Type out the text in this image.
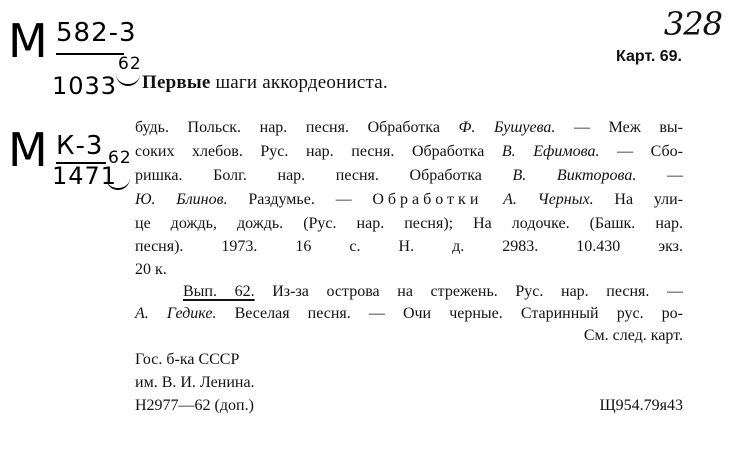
М 582-3
62
1033
М К-3 62
1471
328
Карт. 69.
Первые шаги аккордеониста.
будь. Польск. нар. песня. Обработка Ф. Бушуева. — Меж вы-
соких хлебов. Рус. нар. песня. Обработка В. Ефимова. — Сбо-
ришка. Болг. нар. песня. Обработка В. Викторова. —
Ю. Блинов. Раздумье. — Обработки А. Черных. На ули-
це дождь, дождь. (Рус. нар. песня); На лодочке. (Башк. нар.
песня). 1973. 16 с. Н. д. 2983. 10.430 экз.
20 к.
Вып. 62. Из-за острова на стрежень. Рус. нар. песня. —
А. Гедике. Веселая песня. — Очи черные. Старинный рус. ро-
См. след. карт.
Гос. б-ка СССР
им. В. И. Ленина.
Н2977—62 (доп.)	Щ954.79я43
